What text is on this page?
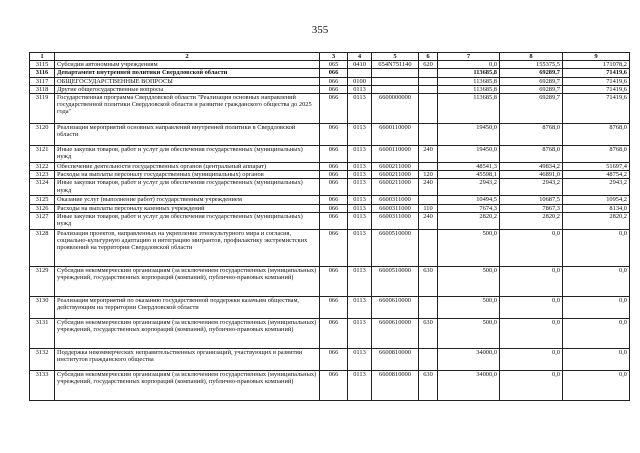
355
1	2	3	4	5	6	7	8	9
3115	Субсидии автономным учреждениям	065	0410	654N751140	620	0,0	155375,5	171078,2
3116	Департамент внутренней политики Свердловской области	066				113685,8	69289,7	71419,6
3117	ОБЩЕГОСУДАРСТВЕННЫЕ ВОПРОСЫ	066	0100			113685,8	69289,7	71419,6
3118	Другие общегосударственные вопросы	066	0113			113685,8	69289,7	71419,6
3119	Государственная программа Свердловской области "Реализация основных направлений государственной политики Свердловской области и развитие гражданского общества до 2025 года"	066	0113	6600000000		113685,8	69289,7	71419,6
3120	Реализация мероприятий основных направлений внутренней политики в Свердловской области	066	0113	6600110000		19450,0	8768,0	8768,0
3121	Иные закупки товаров, работ и услуг для обеспечения государственных (муниципальных) нужд	066	0113	6600110000	240	19450,0	8768,0	8768,0
3122	Обеспечение деятельности государственных органов (центральный аппарат)	066	0113	6600211000		48541,3	49834,2	51697,4
3123	Расходы на выплаты персоналу государственных (муниципальных) органов	066	0113	6600211000	120	45598,1	46891,0	48754,2
3124	Иные закупки товаров, работ и услуг для обеспечения государственных (муниципальных) нужд	066	0113	6600211000	240	2943,2	2943,2	2943,2
3125	Оказание услуг (выполнение работ) государственным учреждением	066	0113	6600311000		10494,5	10687,5	10954,2
3126	Расходы на выплаты персоналу казенных учреждений	066	0113	6600311000	110	7674,3	7867,3	8134,0
3127	Иные закупки товаров, работ и услуг для обеспечения государственных (муниципальных) нужд	066	0113	6600311000	240	2820,2	2820,2	2820,2
3128	Реализация проектов, направленных на укрепление этнокультурного мира и согласия, социально-культурную адаптацию и интеграцию мигрантов, профилактику экстремистских проявлений на территории Свердловской области	066	0113	6600510000		500,0	0,0	0,0
3129	Субсидии некоммерческим организациям (за исключением государственных (муниципальных) учреждений, государственных корпораций (компаний), публично-правовых компаний)	066	0113	6600510000	630	500,0	0,0	0,0
3130	Реализация мероприятий по оказанию государственной поддержки казачьим обществам, действующим на территории Свердловской области	066	0113	6600610000		500,0	0,0	0,0
3131	Субсидии некоммерческим организациям (за исключением государственных (муниципальных) учреждений, государственных корпораций (компаний), публично-правовых компаний)	066	0113	6600610000	630	500,0	0,0	0,0
3132	Поддержка некоммерческих неправительственных организаций, участвующих в развитии институтов гражданского общества	066	0113	6600810000		34000,0	0,0	0,0
3133	Субсидии некоммерческим организациям (за исключением государственных (муниципальных) учреждений, государственных корпораций (компаний), публично-правовых компаний)	066	0113	6600810000	630	34000,0	0,0	0,0
